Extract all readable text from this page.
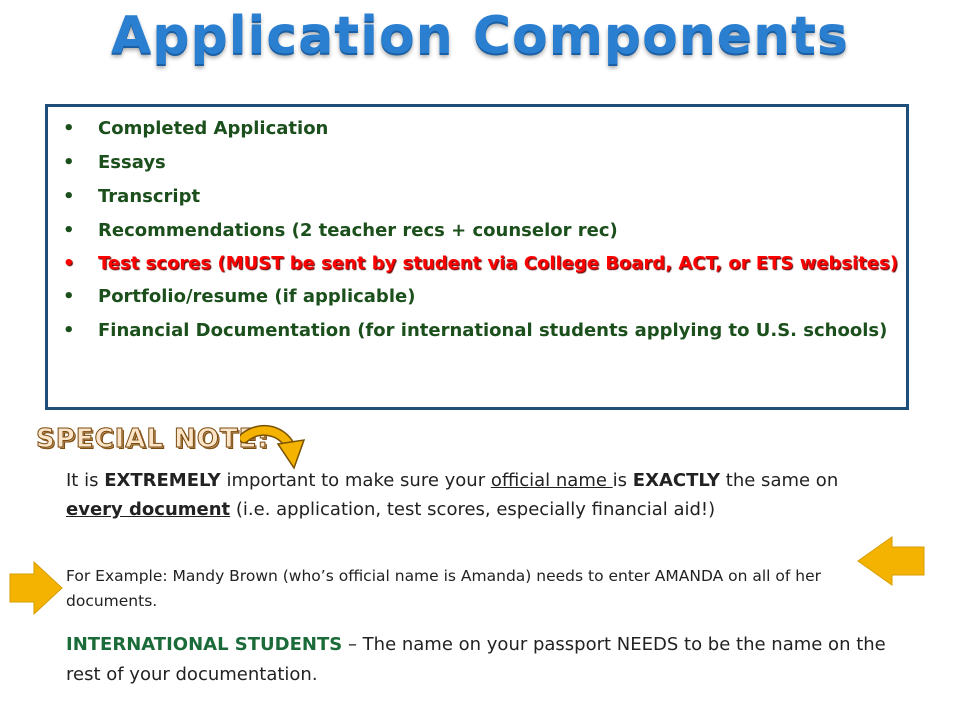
Application Components
• Completed Application
• Essays
• Transcript
• Recommendations (2 teacher recs + counselor rec)
• Test scores (MUST be sent by student via College Board, ACT, or ETS websites)
• Portfolio/resume (if applicable)
• Financial Documentation (for international students applying to U.S. schools)
SPECIAL NOTE:
It is EXTREMELY important to make sure your official name is EXACTLY the same on every document (i.e. application, test scores, especially financial aid!)
For Example: Mandy Brown (who’s official name is Amanda) needs to enter AMANDA on all of her documents.
INTERNATIONAL STUDENTS – The name on your passport NEEDS to be the name on the rest of your documentation.
